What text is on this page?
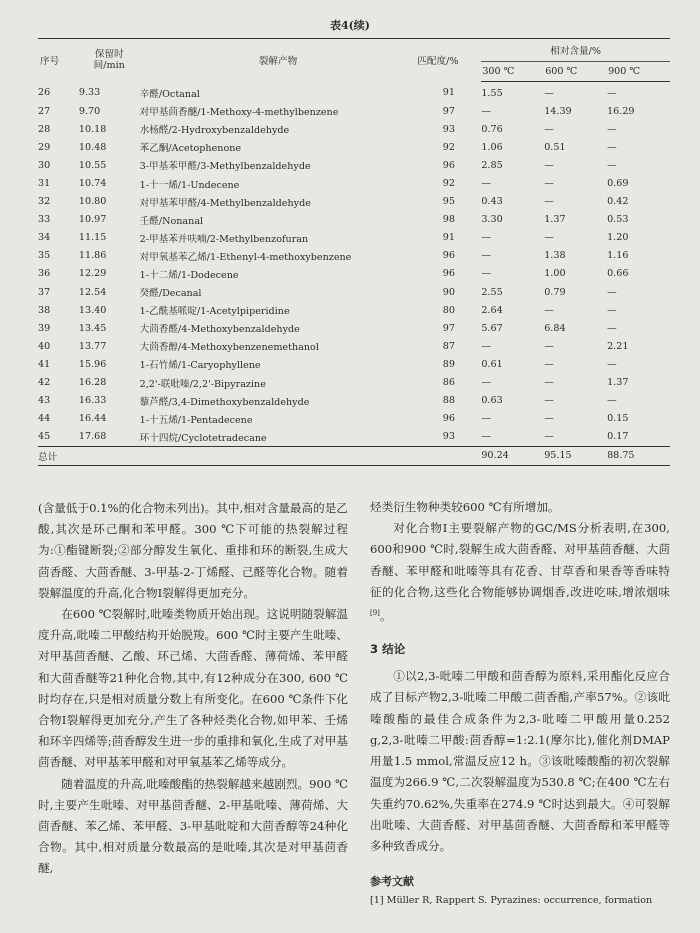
表4(续)
序号	保留时间/min	裂解产物	匹配度/%	相对含量/%		
				300 ℃	600 ℃	900 ℃
26	9.33	辛醛/Octanal	91	1.55	—	—
27	9.70	对甲基茴香醚/1-Methoxy-4-methylbenzene	97	—	14.39	16.29
28	10.18	水杨醛/2-Hydroxybenzaldehyde	93	0.76	—	—
29	10.48	苯乙酮/Acetophenone	92	1.06	0.51	—
30	10.55	3-甲基苯甲醛/3-Methylbenzaldehyde	96	2.85	—	—
31	10.74	1-十一烯/1-Undecene	92	—	—	0.69
32	10.80	对甲基苯甲醛/4-Methylbenzaldehyde	95	0.43	—	0.42
33	10.97	壬醛/Nonanal	98	3.30	1.37	0.53
34	11.15	2-甲基苯并呋喃/2-Methylbenzofuran	91	—	—	1.20
35	11.86	对甲氧基苯乙烯/1-Ethenyl-4-methoxybenzene	96	—	1.38	1.16
36	12.29	1-十二烯/1-Dodecene	96	—	1.00	0.66
37	12.54	癸醛/Decanal	90	2.55	0.79	—
38	13.40	1-乙酰基哌啶/1-Acetylpiperidine	80	2.64	—	—
39	13.45	大茴香醛/4-Methoxybenzaldehyde	97	5.67	6.84	—
40	13.77	大茴香醇/4-Methoxybenzenemethanol	87	—	—	2.21
41	15.96	1-石竹烯/1-Caryophyllene	89	0.61	—	—
42	16.28	2,2'-联吡嗪/2,2'-Bipyrazine	86	—	—	1.37
43	16.33	藜芦醛/3,4-Dimethoxybenzaldehyde	88	0.63	—	—
44	16.44	1-十五烯/1-Pentadecene	96	—	—	0.15
45	17.68	环十四烷/Cyclotetradecane	93	—	—	0.17
总计				90.24	95.15	88.75

(含量低于0.1%的化合物未列出)。其中,相对含量最高的是乙酸,其次是环己酮和苯甲醛。300 ℃下可能的热裂解过程为:①酯键断裂;②部分醇发生氧化、重排和环的断裂,生成大茴香醛、大茴香醚、3-甲基-2-丁烯醛、己醛等化合物。随着裂解温度的升高,化合物Ⅰ裂解得更加充分。

在600 ℃裂解时,吡嗪类物质开始出现。这说明随裂解温度升高,吡嗪二甲酸结构开始脱羧。600 ℃时主要产生吡嗪、对甲基茴香醚、乙酸、环己烯、大茴香醛、薄荷烯、苯甲醛和大茴香醚等21种化合物,其中,有12种成分在300, 600 ℃时均存在,只是相对质量分数上有所变化。在600 ℃条件下化合物Ⅰ裂解得更加充分,产生了各种烃类化合物,如甲苯、壬烯和环辛四烯等;茴香醇发生进一步的重排和氧化,生成了对甲基茴香醚、对甲基苯甲醛和对甲氧基苯乙烯等成分。

随着温度的升高,吡嗪酸酯的热裂解越来越剧烈。900 ℃时,主要产生吡嗪、对甲基茴香醚、2-甲基吡嗪、薄荷烯、大茴香醚、苯乙烯、苯甲醛、3-甲基吡啶和大茴香醇等24种化合物。其中,相对质量分数最高的是吡嗪,其次是对甲基茴香醚,

烃类衍生物种类较600 ℃有所增加。

对化合物Ⅰ主要裂解产物的GC/MS分析表明,在300, 600和900 ℃时,裂解生成大茴香醛、对甲基茴香醚、大茴香醚、苯甲醛和吡嗪等具有花香、甘草香和果香等香味特征的化合物,这些化合物能够协调烟香,改进吃味,增浓烟味[9]。

3 结论

①以2,3-吡嗪二甲酸和茴香醇为原料,采用酯化反应合成了目标产物2,3-吡嗪二甲酸二茴香酯,产率57%。②该吡嗪酸酯的最佳合成条件为2,3-吡嗪二甲酸用量0.252 g,2,3-吡嗪二甲酸:茴香醇=1:2.1(摩尔比),催化剂DMAP用量1.5 mmol,常温反应12 h。③该吡嗪酸酯的初次裂解温度为266.9 ℃,二次裂解温度为530.8 ℃;在400 ℃左右失重约70.62%,失重率在274.9 ℃时达到最大。④可裂解出吡嗪、大茴香醛、对甲基茴香醚、大茴香醇和苯甲醛等多种致香成分。

参考文献
[1] Müller R, Rappert S. Pyrazines: occurrence, formation
